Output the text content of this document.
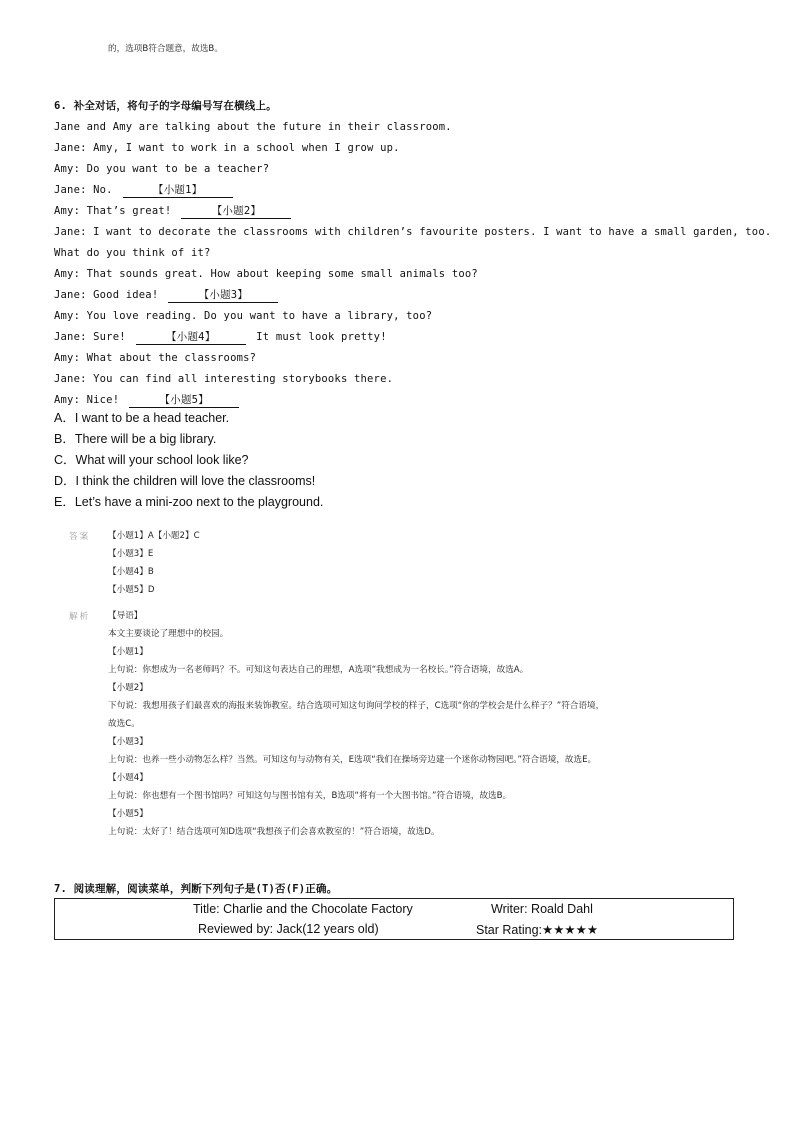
的，选项B符合题意，故选B。
6. 补全对话，将句子的字母编号写在横线上。
Jane and Amy are talking about the future in their classroom.
Jane: Amy, I want to work in a school when I grow up.
Amy: Do you want to be a teacher?
Jane: No.	【小题1】
Amy: That’s great!	【小题2】
Jane: I want to decorate the classrooms with children’s favourite posters. I want to have a small garden, too.
What do you think of it?
Amy: That sounds great. How about keeping some small animals too?
Jane: Good idea!	【小题3】
Amy: You love reading. Do you want to have a library, too?
Jane: Sure!	【小题4】	It must look pretty!
Amy: What about the classrooms?
Jane: You can find all interesting storybooks there.
Amy: Nice!	【小题5】
A．I want to be a head teacher.
B．There will be a big library.
C．What will your school look like?
D．I think the children will love the classrooms!
E．Let’s have a mini-zoo next to the playground.
答案 【小题1】A【小题2】C
【小题3】E
【小题4】B
【小题5】D
解析 【导语】
本文主要谈论了理想中的校园。
【小题1】
上句说：你想成为一名老师吗？不。可知这句表达自己的理想，A选项“我想成为一名校长。”符合语境，故选A。
【小题2】
下句说：我想用孩子们最喜欢的海报来装饰教室。结合选项可知这句询问学校的样子，C选项“你的学校会是什么样子？”符合语境，
故选C。
【小题3】
上句说：也养一些小动物怎么样？当然。可知这句与动物有关，E选项“我们在操场旁边建一个迷你动物园吧。”符合语境，故选E。
【小题4】
上句说：你也想有一个图书馆吗？可知这句与图书馆有关，B选项“将有一个大图书馆。”符合语境，故选B。
【小题5】
上句说：太好了！结合选项可知D选项“我想孩子们会喜欢教室的！”符合语境，故选D。
7. 阅读理解，阅读菜单，判断下列句子是(T)否(F)正确。
Title: Charlie and the Chocolate Factory	Writer: Roald Dahl
Reviewed by: Jack(12 years old)	Star Rating:★★★★★
